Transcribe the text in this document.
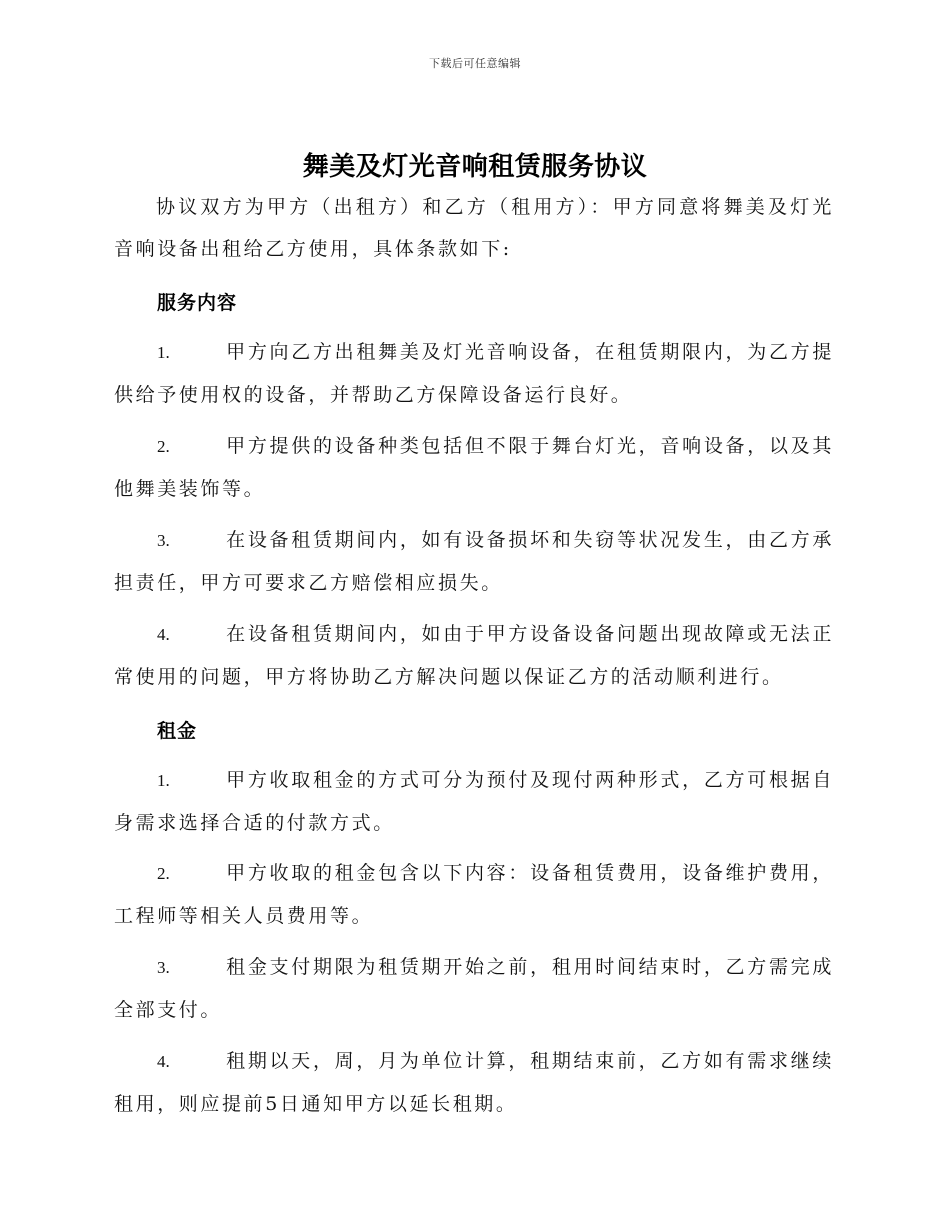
下载后可任意编辑
舞美及灯光音响租赁服务协议

协议双方为甲方（出租方）和乙方（租用方）：甲方同意将舞美及灯光音响设备出租给乙方使用，具体条款如下:

服务内容

1.	甲方向乙方出租舞美及灯光音响设备，在租赁期限内，为乙方提供给予使用权的设备，并帮助乙方保障设备运行良好。

2.	甲方提供的设备种类包括但不限于舞台灯光，音响设备，以及其他舞美装饰等。

3.	在设备租赁期间内，如有设备损坏和失窃等状况发生，由乙方承担责任，甲方可要求乙方赔偿相应损失。

4.	在设备租赁期间内，如由于甲方设备设备问题出现故障或无法正常使用的问题，甲方将协助乙方解决问题以保证乙方的活动顺利进行。

租金

1.	甲方收取租金的方式可分为预付及现付两种形式，乙方可根据自身需求选择合适的付款方式。

2.	甲方收取的租金包含以下内容：设备租赁费用，设备维护费用，工程师等相关人员费用等。

3.	租金支付期限为租赁期开始之前，租用时间结束时，乙方需完成全部支付。

4.	租期以天，周，月为单位计算，租期结束前，乙方如有需求继续租用，则应提前5日通知甲方以延长租期。
